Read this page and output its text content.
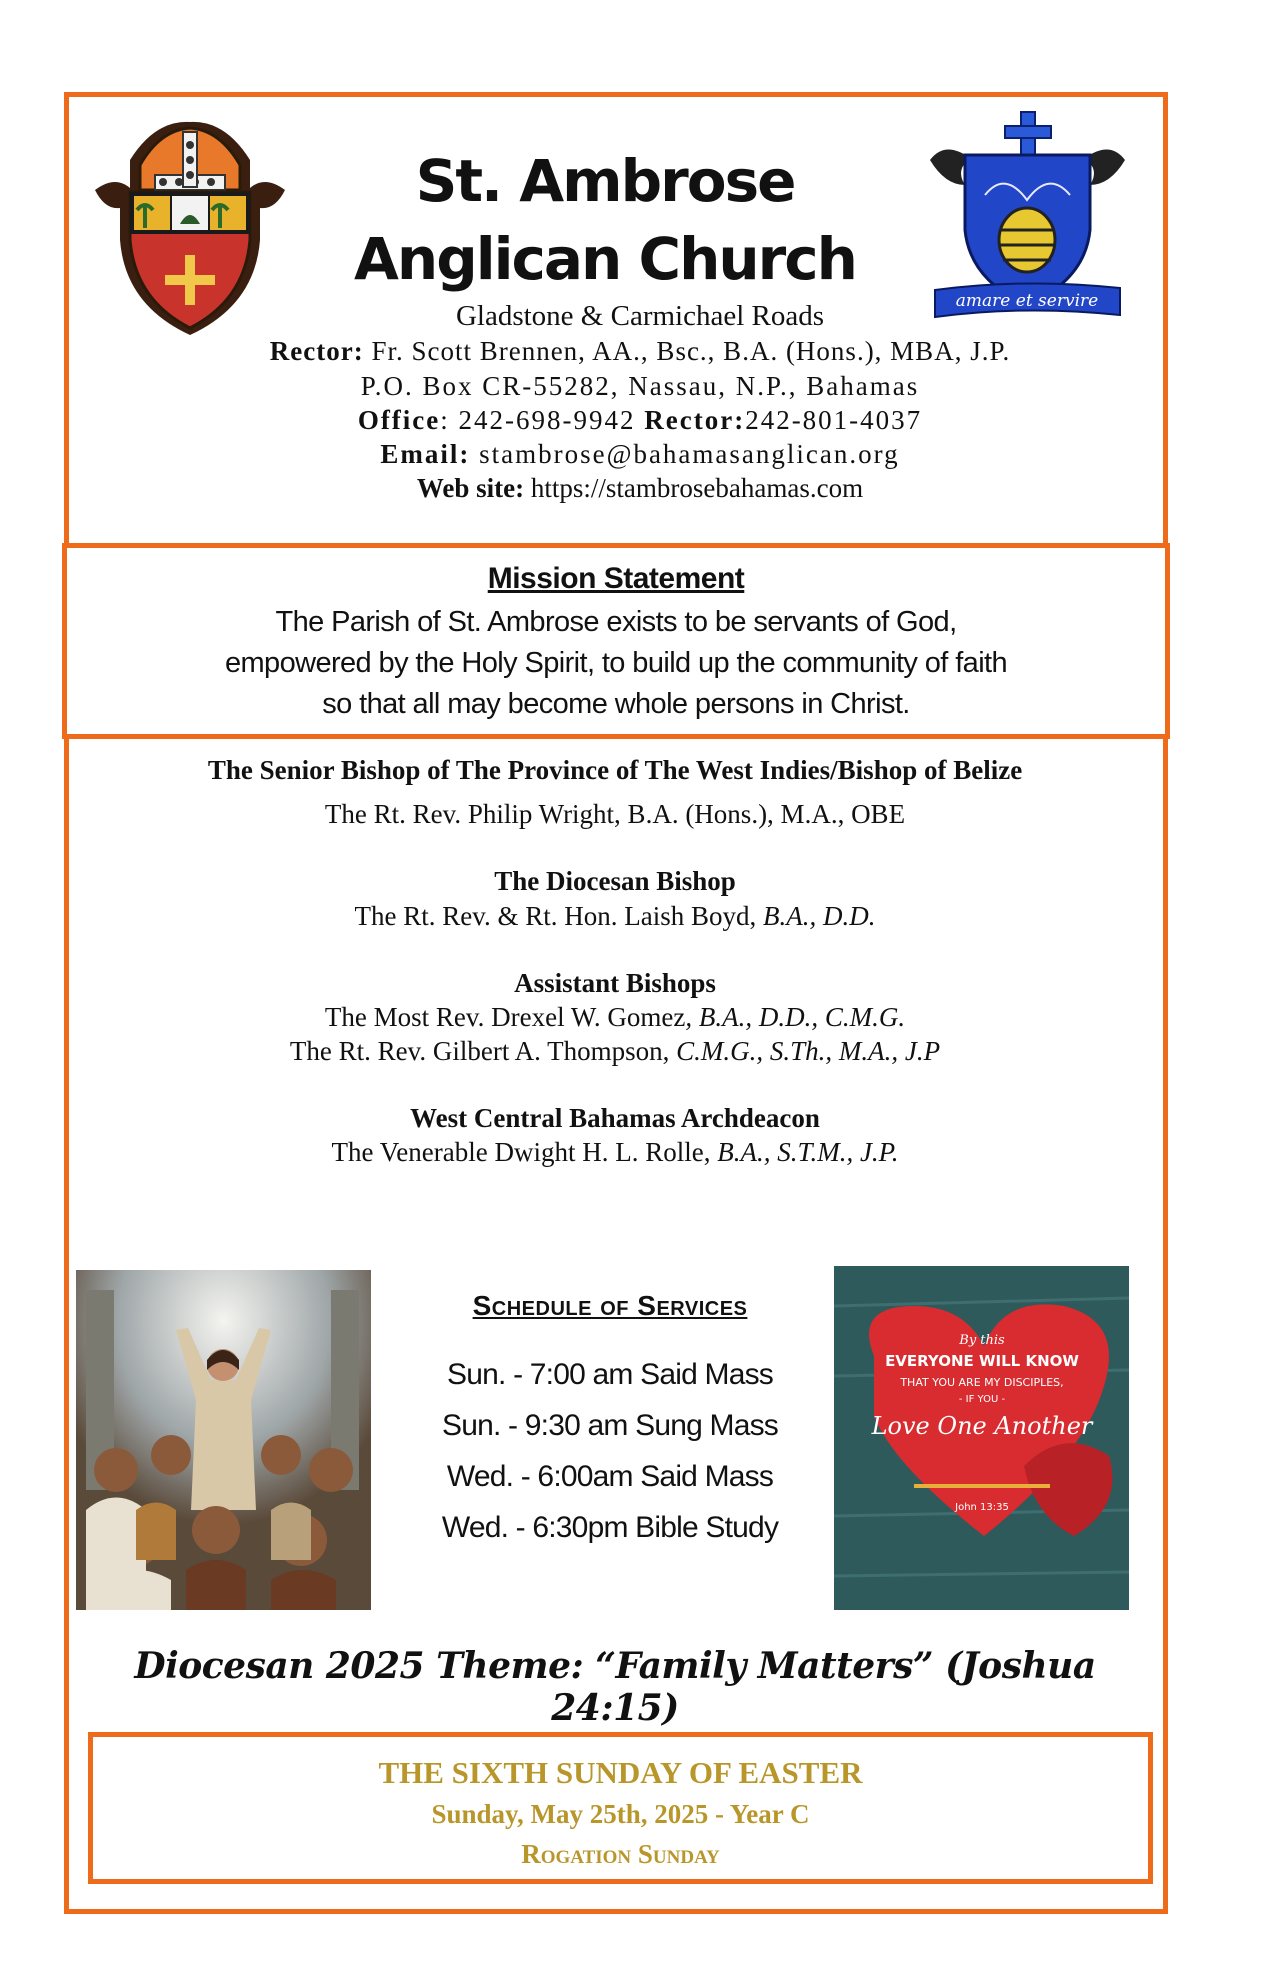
amare et servire
St. Ambrose
Anglican Church
Gladstone & Carmichael Roads
Rector: Fr. Scott Brennen, AA., Bsc., B.A. (Hons.), MBA, J.P.
P.O. Box CR-55282, Nassau, N.P., Bahamas
Office: 242-698-9942 Rector:242-801-4037
Email: stambrose@bahamasanglican.org
Web site: https://stambrosebahamas.com
Mission Statement
The Parish of St. Ambrose exists to be servants of God,
empowered by the Holy Spirit, to build up the community of faith
so that all may become whole persons in Christ.
The Senior Bishop of The Province of The West Indies/Bishop of Belize
The Rt. Rev. Philip Wright, B.A. (Hons.), M.A., OBE
The Diocesan Bishop
The Rt. Rev. & Rt. Hon. Laish Boyd, B.A., D.D.
Assistant Bishops
The Most Rev. Drexel W. Gomez, B.A., D.D., C.M.G.
The Rt. Rev. Gilbert A. Thompson, C.M.G., S.Th., M.A., J.P
West Central Bahamas Archdeacon
The Venerable Dwight H. L. Rolle, B.A., S.T.M., J.P.
Schedule of Services
Sun. - 7:00 am Said Mass
Sun. - 9:30 am Sung Mass
Wed. - 6:00am Said Mass
Wed. - 6:30pm Bible Study
By this
EVERYONE WILL KNOW
THAT YOU ARE MY DISCIPLES,
- IF YOU -
Love One Another
John 13:35
Diocesan 2025 Theme: “Family Matters” (Joshua 24:15)
THE SIXTH SUNDAY OF EASTER
Sunday, May 25th, 2025 - Year C
Rogation Sunday
